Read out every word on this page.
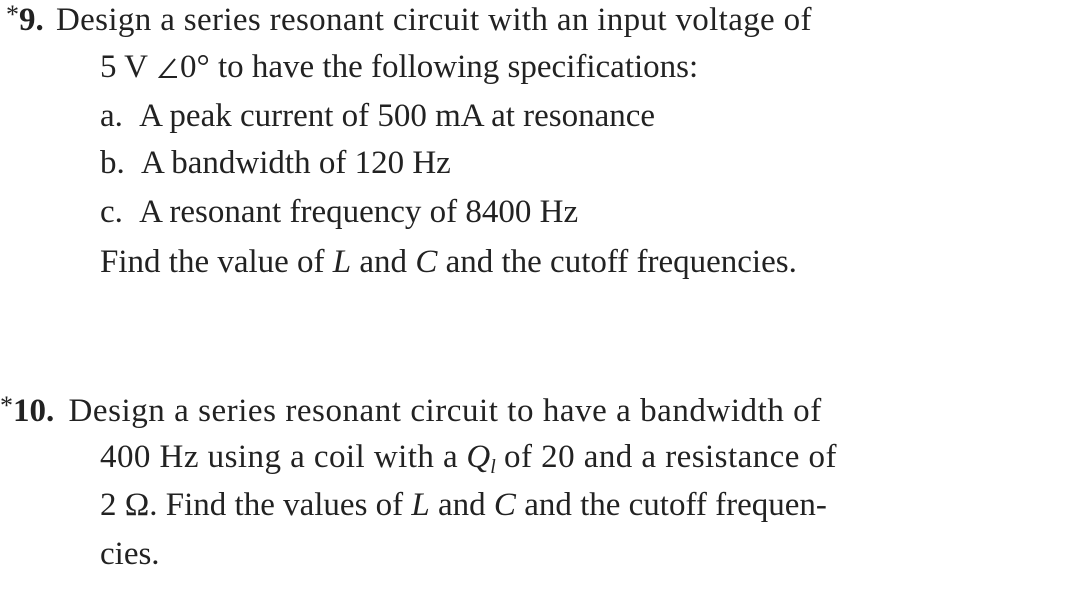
*9. Design a series resonant circuit with an input voltage of
5 V 0° to have the following specifications:
a. A peak current of 500 mA at resonance
b. A bandwidth of 120 Hz
c. A resonant frequency of 8400 Hz
Find the value of L and C and the cutoff frequencies.
*10. Design a series resonant circuit to have a bandwidth of
400 Hz using a coil with a $Q_l$ of 20 and a resistance of
2 Ω. Find the values of L and C and the cutoff frequen-
cies.
